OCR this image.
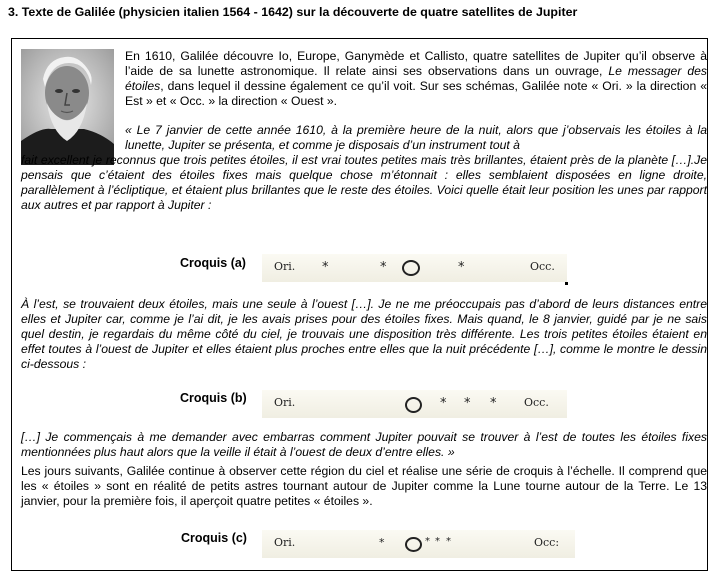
3. Texte de Galilée (physicien italien 1564 - 1642) sur la découverte de quatre satellites de Jupiter
En 1610, Galilée découvre Io, Europe, Ganymède et Callisto, quatre satellites de Jupiter qu’il observe à l’aide de sa lunette astronomique. Il relate ainsi ses observations dans un ouvrage, Le messager des étoiles, dans lequel il dessine également ce qu’il voit. Sur ses schémas, Galilée note « Ori. » la direction « Est » et « Occ. » la direction « Ouest ».
« Le 7 janvier de cette année 1610, à la première heure de la nuit, alors que j’observais les étoiles à la lunette, Jupiter se présenta, et comme je disposais d’un instrument tout à
fait excellent je reconnus que trois petites étoiles, il est vrai toutes petites mais très brillantes, étaient près de la planète […].Je pensais que c’étaient des étoiles fixes mais quelque chose m’étonnait : elles semblaient disposées en ligne droite, parallèlement à l’écliptique, et étaient plus brillantes que le reste des étoiles. Voici quelle était leur position les unes par rapport aux autres et par rapport à Jupiter :
Croquis (a)	Ori. *	*	*	Occ.
À l’est, se trouvaient deux étoiles, mais une seule à l’ouest […]. Je ne me préoccupais pas d’abord de leurs distances entre elles et Jupiter car, comme je l’ai dit, je les avais prises pour des étoiles fixes. Mais quand, le 8 janvier, guidé par je ne sais quel destin, je regardais du même côté du ciel, je trouvais une disposition très différente. Les trois petites étoiles étaient en effet toutes à l’ouest de Jupiter et elles étaient plus proches entre elles que la nuit précédente […], comme le montre le dessin ci-dessous :
Croquis (b) Ori.	* * *	Occ.
[…] Je commençais à me demander avec embarras comment Jupiter pouvait se trouver à l’est de toutes les étoiles fixes mentionnées plus haut alors que la veille il était à l’ouest de deux d’entre elles. »
Les jours suivants, Galilée continue à observer cette région du ciel et réalise une série de croquis à l’échelle. Il comprend que les « étoiles » sont en réalité de petits astres tournant autour de Jupiter comme la Lune tourne autour de la Terre. Le 13 janvier, pour la première fois, il aperçoit quatre petites « étoiles ».
Croquis (c) Ori.	*	* * *	Occ:
